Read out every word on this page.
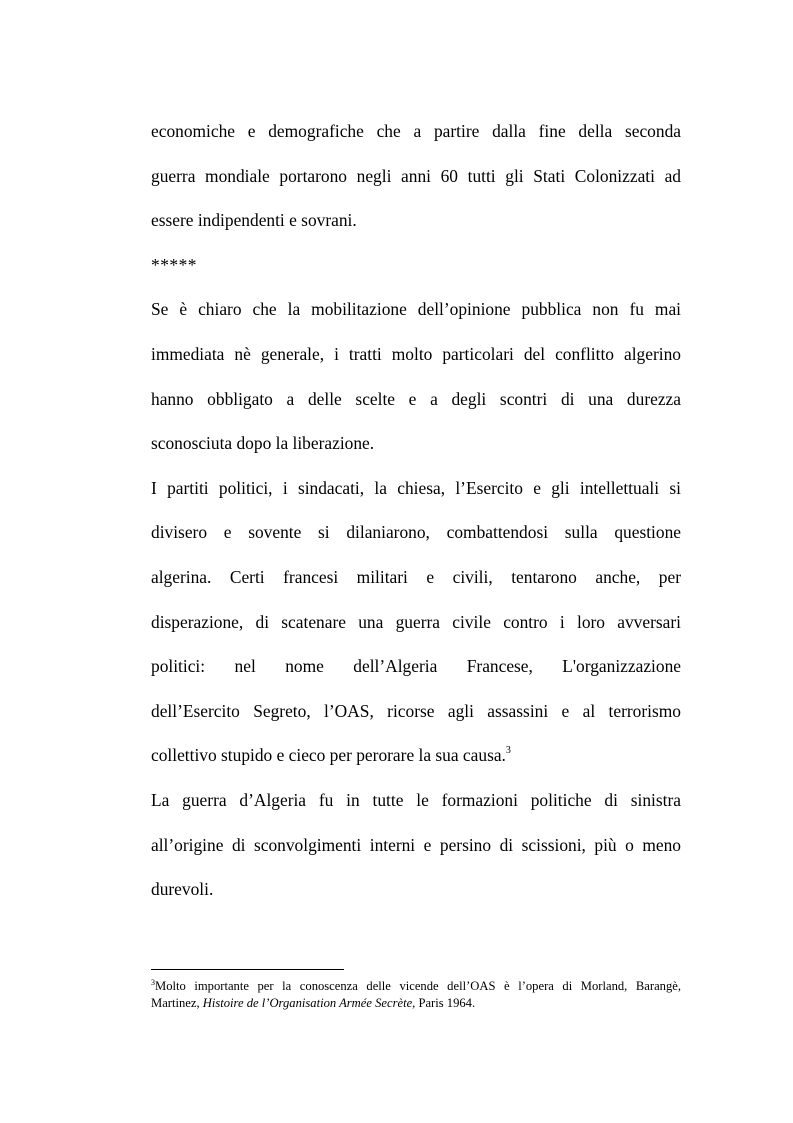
economiche e demografiche che a partire dalla fine della seconda
guerra mondiale portarono negli anni 60 tutti gli Stati Colonizzati ad
essere indipendenti e sovrani.
*****
Se è chiaro che la mobilitazione dell’opinione pubblica non fu mai
immediata nè generale, i tratti molto particolari del conflitto algerino
hanno obbligato a delle scelte e a degli scontri di una durezza
sconosciuta dopo la liberazione.
I partiti politici, i sindacati, la chiesa, l’Esercito e gli intellettuali si
divisero e sovente si dilaniarono, combattendosi sulla questione
algerina. Certi francesi militari e civili, tentarono anche, per
disperazione, di scatenare una guerra civile contro i loro avversari
politici: nel nome dell’Algeria Francese, L'organizzazione
dell’Esercito Segreto, l’OAS, ricorse agli assassini e al terrorismo
collettivo stupido e cieco per perorare la sua causa.$^3$
La guerra d’Algeria fu in tutte le formazioni politiche di sinistra
all’origine di sconvolgimenti interni e persino di scissioni, più o meno
durevoli.
$^3$Molto importante per la conoscenza delle vicende dell’OAS è l’opera di Morland, Barangè,
Martinez, Histoire de l’Organisation Armée Secrète, Paris 1964.
